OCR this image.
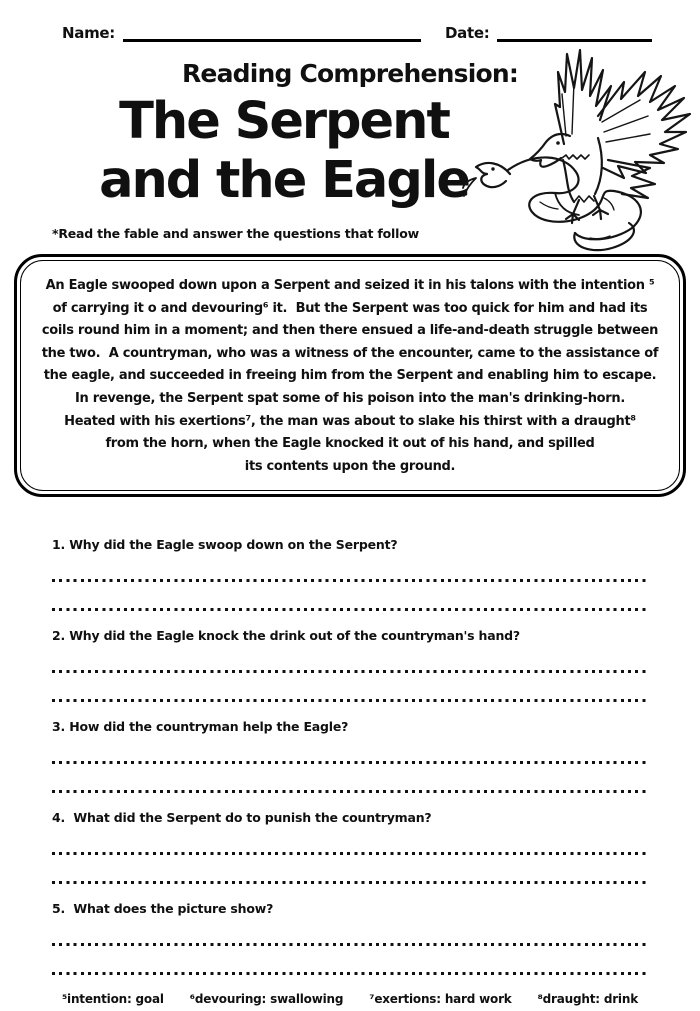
Name:	Date:
Reading Comprehension:
The Serpent
and the Eagle
*Read the fable and answer the questions that follow
An Eagle swooped down upon a Serpent and seized it in his talons with the intention ⁵
of carrying it o and devouring⁶ it.  But the Serpent was too quick for him and had its
coils round him in a moment; and then there ensued a life-and-death struggle between
the two.  A countryman, who was a witness of the encounter, came to the assistance of
the eagle, and succeeded in freeing him from the Serpent and enabling him to escape.
In revenge, the Serpent spat some of his poison into the man's drinking-horn.
Heated with his exertions⁷, the man was about to slake his thirst with a draught⁸
from the horn, when the Eagle knocked it out of his hand, and spilled
its contents upon the ground.
1. Why did the Eagle swoop down on the Serpent?
2. Why did the Eagle knock the drink out of the countryman's hand?
3. How did the countryman help the Eagle?
4.  What did the Serpent do to punish the countryman?
5.  What does the picture show?
⁵intention: goal ⁶devouring: swallowing ⁷exertions: hard work ⁸draught: drink
